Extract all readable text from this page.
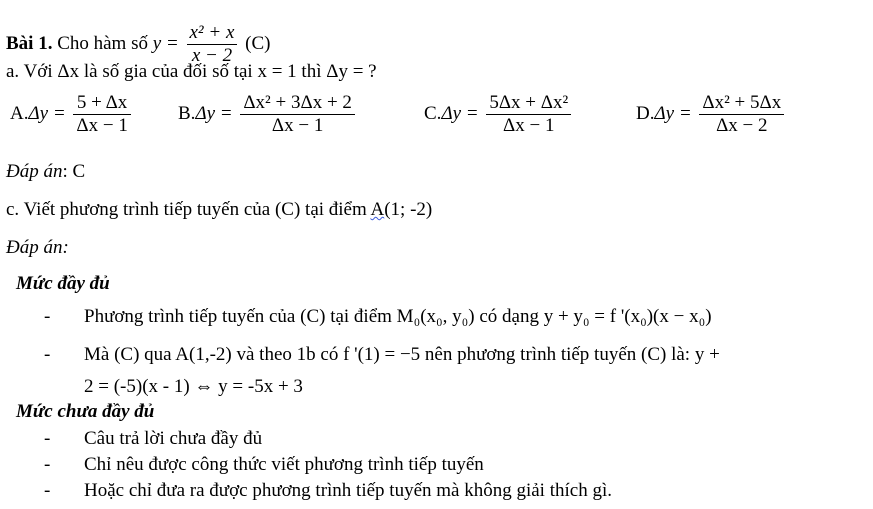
Bài 1. Cho hàm số $y = \frac{\text{x² + x}}{x - 2} (C)$
a. Với Δx là số gia của đối số tại x = 1 thì Δy = ?
$A.\Delta y = \frac{5 + \Delta x}{\Delta x - 1} B.\Delta y = \frac{\text{Δx² + 3Δx + 2}}{\Delta x - 1}$	$C.\Delta y = \frac{\text{5Δx + Δx²}}{\Delta x - 1}$	$D.\Delta y = \frac{\text{Δx² + 5Δx}}{\Delta x - 2}$
Đáp án: C
c. Viết phương trình tiếp tuyến của (C) tại điểm A(1; -2)
Đáp án:
Mức đầy đủ
- Phương trình tiếp tuyến của (C) tại điểm M₀(x₀, y₀) có dạng y + y₀ = f '(x₀)(x − x₀)
- Mà (C) qua A(1,-2) và theo 1b có f '(1) = −5 nên phương trình tiếp tuyến (C) là: y +
2 = (-5)(x - 1) ⇔ y = -5x + 3
Mức chưa đầy đủ
- Câu trả lời chưa đầy đủ
- Chỉ nêu được công thức viết phương trình tiếp tuyến
- Hoặc chỉ đưa ra được phương trình tiếp tuyến mà không giải thích gì.
